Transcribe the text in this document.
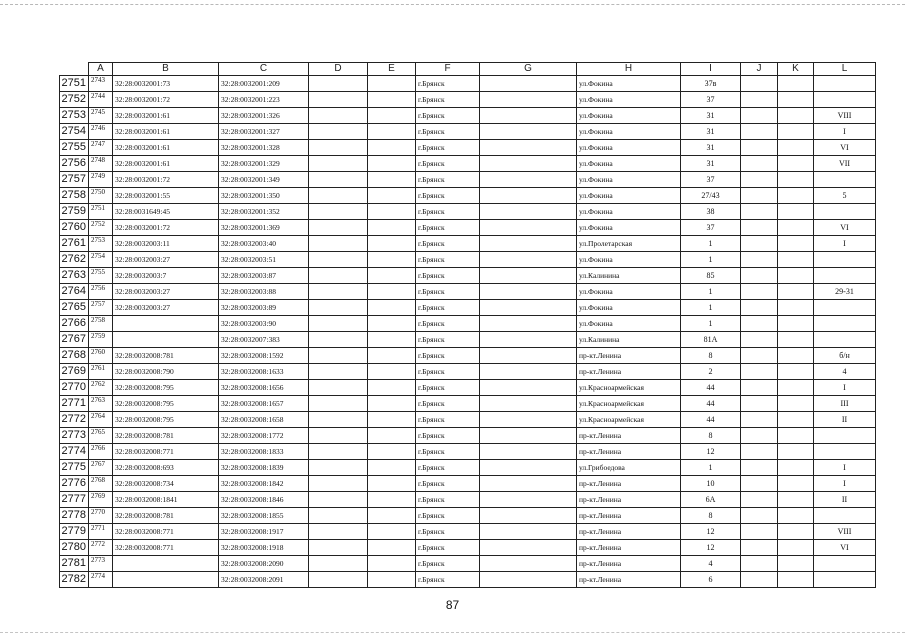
	A	B	C	D	E	F	G	H	I	J	K	L
2751	2743	32:28:0032001:73	32:28:0032001:209			г.Брянск		ул.Фокина	37в			
2752	2744	32:28:0032001:72	32:28:0032001:223			г.Брянск		ул.Фокина	37			
2753	2745	32:28:0032001:61	32:28:0032001:326			г.Брянск		ул.Фокина	31			VIII
2754	2746	32:28:0032001:61	32:28:0032001:327			г.Брянск		ул.Фокина	31			I
2755	2747	32:28:0032001:61	32:28:0032001:328			г.Брянск		ул.Фокина	31			VI
2756	2748	32:28:0032001:61	32:28:0032001:329			г.Брянск		ул.Фокина	31			VII
2757	2749	32:28:0032001:72	32:28:0032001:349			г.Брянск		ул.Фокина	37			
2758	2750	32:28:0032001:55	32:28:0032001:350			г.Брянск		ул.Фокина	27/43			5
2759	2751	32:28:0031649:45	32:28:0032001:352			г.Брянск		ул.Фокина	38			
2760	2752	32:28:0032001:72	32:28:0032001:369			г.Брянск		ул.Фокина	37			VI
2761	2753	32:28:0032003:11	32:28:0032003:40			г.Брянск		ул.Пролетарская	1			I
2762	2754	32:28:0032003:27	32:28:0032003:51			г.Брянск		ул.Фокина	1			
2763	2755	32:28:0032003:7	32:28:0032003:87			г.Брянск		ул.Калинина	85			
2764	2756	32:28:0032003:27	32:28:0032003:88			г.Брянск		ул.Фокина	1			29-31
2765	2757	32:28:0032003:27	32:28:0032003:89			г.Брянск		ул.Фокина	1			
2766	2758		32:28:0032003:90			г.Брянск		ул.Фокина	1			
2767	2759		32:28:0032007:383			г.Брянск		ул.Калинина	81А			
2768	2760	32:28:0032008:781	32:28:0032008:1592			г.Брянск		пр-кт.Ленина	8			б/н
2769	2761	32:28:0032008:790	32:28:0032008:1633			г.Брянск		пр-кт.Ленина	2			4
2770	2762	32:28:0032008:795	32:28:0032008:1656			г.Брянск		ул.Красноармейская	44			I
2771	2763	32:28:0032008:795	32:28:0032008:1657			г.Брянск		ул.Красноармейская	44			III
2772	2764	32:28:0032008:795	32:28:0032008:1658			г.Брянск		ул.Красноармейская	44			II
2773	2765	32:28:0032008:781	32:28:0032008:1772			г.Брянск		пр-кт.Ленина	8			
2774	2766	32:28:0032008:771	32:28:0032008:1833			г.Брянск		пр-кт.Ленина	12			
2775	2767	32:28:0032008:693	32:28:0032008:1839			г.Брянск		ул.Грибоедова	1			I
2776	2768	32:28:0032008:734	32:28:0032008:1842			г.Брянск		пр-кт.Ленина	10			I
2777	2769	32:28:0032008:1841	32:28:0032008:1846			г.Брянск		пр-кт.Ленина	6А			II
2778	2770	32:28:0032008:781	32:28:0032008:1855			г.Брянск		пр-кт.Ленина	8			
2779	2771	32:28:0032008:771	32:28:0032008:1917			г.Брянск		пр-кт.Ленина	12			VIII
2780	2772	32:28:0032008:771	32:28:0032008:1918			г.Брянск		пр-кт.Ленина	12			VI
2781	2773		32:28:0032008:2090			г.Брянск		пр-кт.Ленина	4			
2782	2774		32:28:0032008:2091			г.Брянск		пр-кт.Ленина	6			
87
